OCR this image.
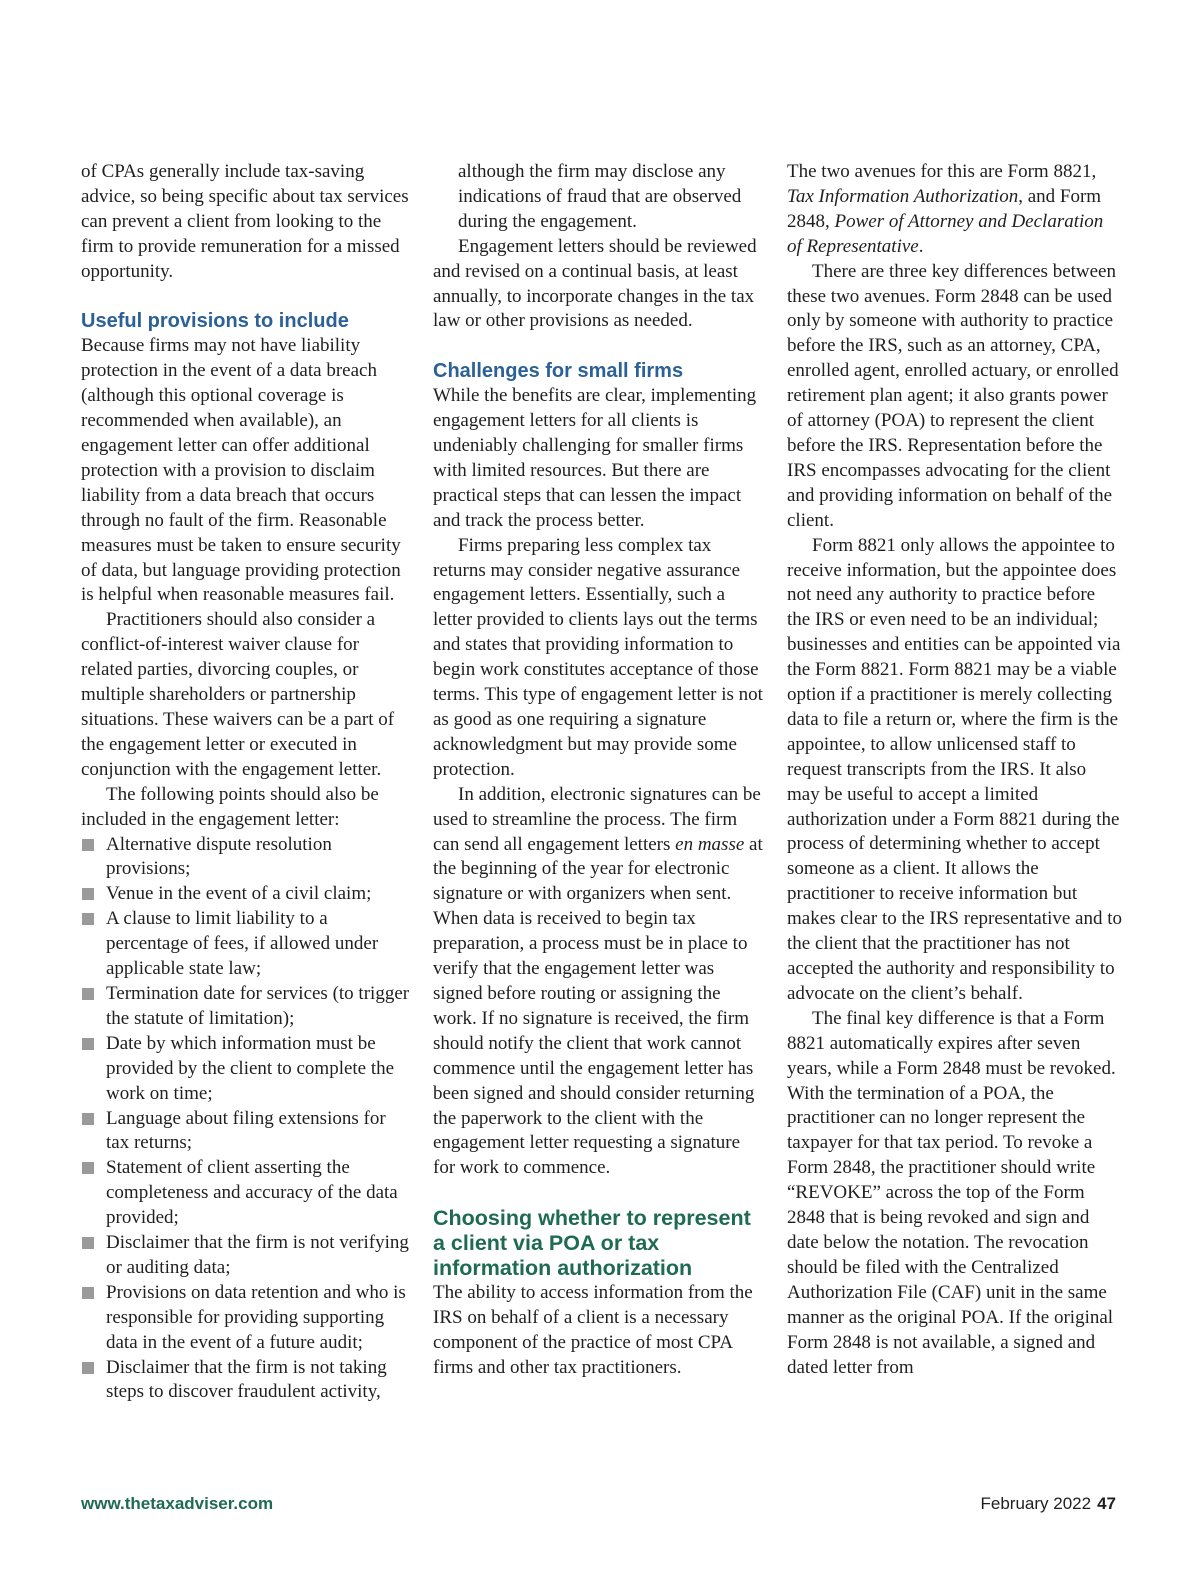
of CPAs generally include tax-saving advice, so being specific about tax services can prevent a client from looking to the firm to provide remuneration for a missed opportunity.

Useful provisions to include

Because firms may not have liability protection in the event of a data breach (although this optional coverage is recommended when available), an engagement letter can offer additional protection with a provision to disclaim liability from a data breach that occurs through no fault of the firm. Reasonable measures must be taken to ensure security of data, but language providing protection is helpful when reasonable measures fail.

Practitioners should also consider a conflict-of-interest waiver clause for related parties, divorcing couples, or multiple shareholders or partnership situations. These waivers can be a part of the engagement letter or executed in conjunction with the engagement letter.

The following points should also be included in the engagement letter:

Alternative dispute resolution provisions;
Venue in the event of a civil claim;
A clause to limit liability to a percentage of fees, if allowed under applicable state law;
Termination date for services (to trigger the statute of limitation);
Date by which information must be provided by the client to complete the work on time;
Language about filing extensions for tax returns;
Statement of client asserting the completeness and accuracy of the data provided;
Disclaimer that the firm is not verifying or auditing data;
Provisions on data retention and who is responsible for providing supporting data in the event of a future audit;
Disclaimer that the firm is not taking steps to discover fraudulent activity,

although the firm may disclose any indications of fraud that are observed during the engagement.

Engagement letters should be reviewed and revised on a continual basis, at least annually, to incorporate changes in the tax law or other provisions as needed.

Challenges for small firms

While the benefits are clear, implementing engagement letters for all clients is undeniably challenging for smaller firms with limited resources. But there are practical steps that can lessen the impact and track the process better.

Firms preparing less complex tax returns may consider negative assurance engagement letters. Essentially, such a letter provided to clients lays out the terms and states that providing information to begin work constitutes acceptance of those terms. This type of engagement letter is not as good as one requiring a signature acknowledgment but may provide some protection.

In addition, electronic signatures can be used to streamline the process. The firm can send all engagement letters en masse at the beginning of the year for electronic signature or with organizers when sent. When data is received to begin tax preparation, a process must be in place to verify that the engagement letter was signed before routing or assigning the work. If no signature is received, the firm should notify the client that work cannot commence until the engagement letter has been signed and should consider returning the paperwork to the client with the engagement letter requesting a signature for work to commence.

Choosing whether to represent a client via POA or tax information authorization

The ability to access information from the IRS on behalf of a client is a necessary component of the practice of most CPA firms and other tax practitioners.

The two avenues for this are Form 8821, Tax Information Authorization, and Form 2848, Power of Attorney and Declaration of Representative.

There are three key differences between these two avenues. Form 2848 can be used only by someone with authority to practice before the IRS, such as an attorney, CPA, enrolled agent, enrolled actuary, or enrolled retirement plan agent; it also grants power of attorney (POA) to represent the client before the IRS. Representation before the IRS encompasses advocating for the client and providing information on behalf of the client.

Form 8821 only allows the appointee to receive information, but the appointee does not need any authority to practice before the IRS or even need to be an individual; businesses and entities can be appointed via the Form 8821. Form 8821 may be a viable option if a practitioner is merely collecting data to file a return or, where the firm is the appointee, to allow unlicensed staff to request transcripts from the IRS. It also may be useful to accept a limited authorization under a Form 8821 during the process of determining whether to accept someone as a client. It allows the practitioner to receive information but makes clear to the IRS representative and to the client that the practitioner has not accepted the authority and responsibility to advocate on the client’s behalf.

The final key difference is that a Form 8821 automatically expires after seven years, while a Form 2848 must be revoked. With the termination of a POA, the practitioner can no longer represent the taxpayer for that tax period. To revoke a Form 2848, the practitioner should write “REVOKE” across the top of the Form 2848 that is being revoked and sign and date below the notation. The revocation should be filed with the Centralized Authorization File (CAF) unit in the same manner as the original POA. If the original Form 2848 is not available, a signed and dated letter from

www.thetaxadviser.com	February 2022 47
